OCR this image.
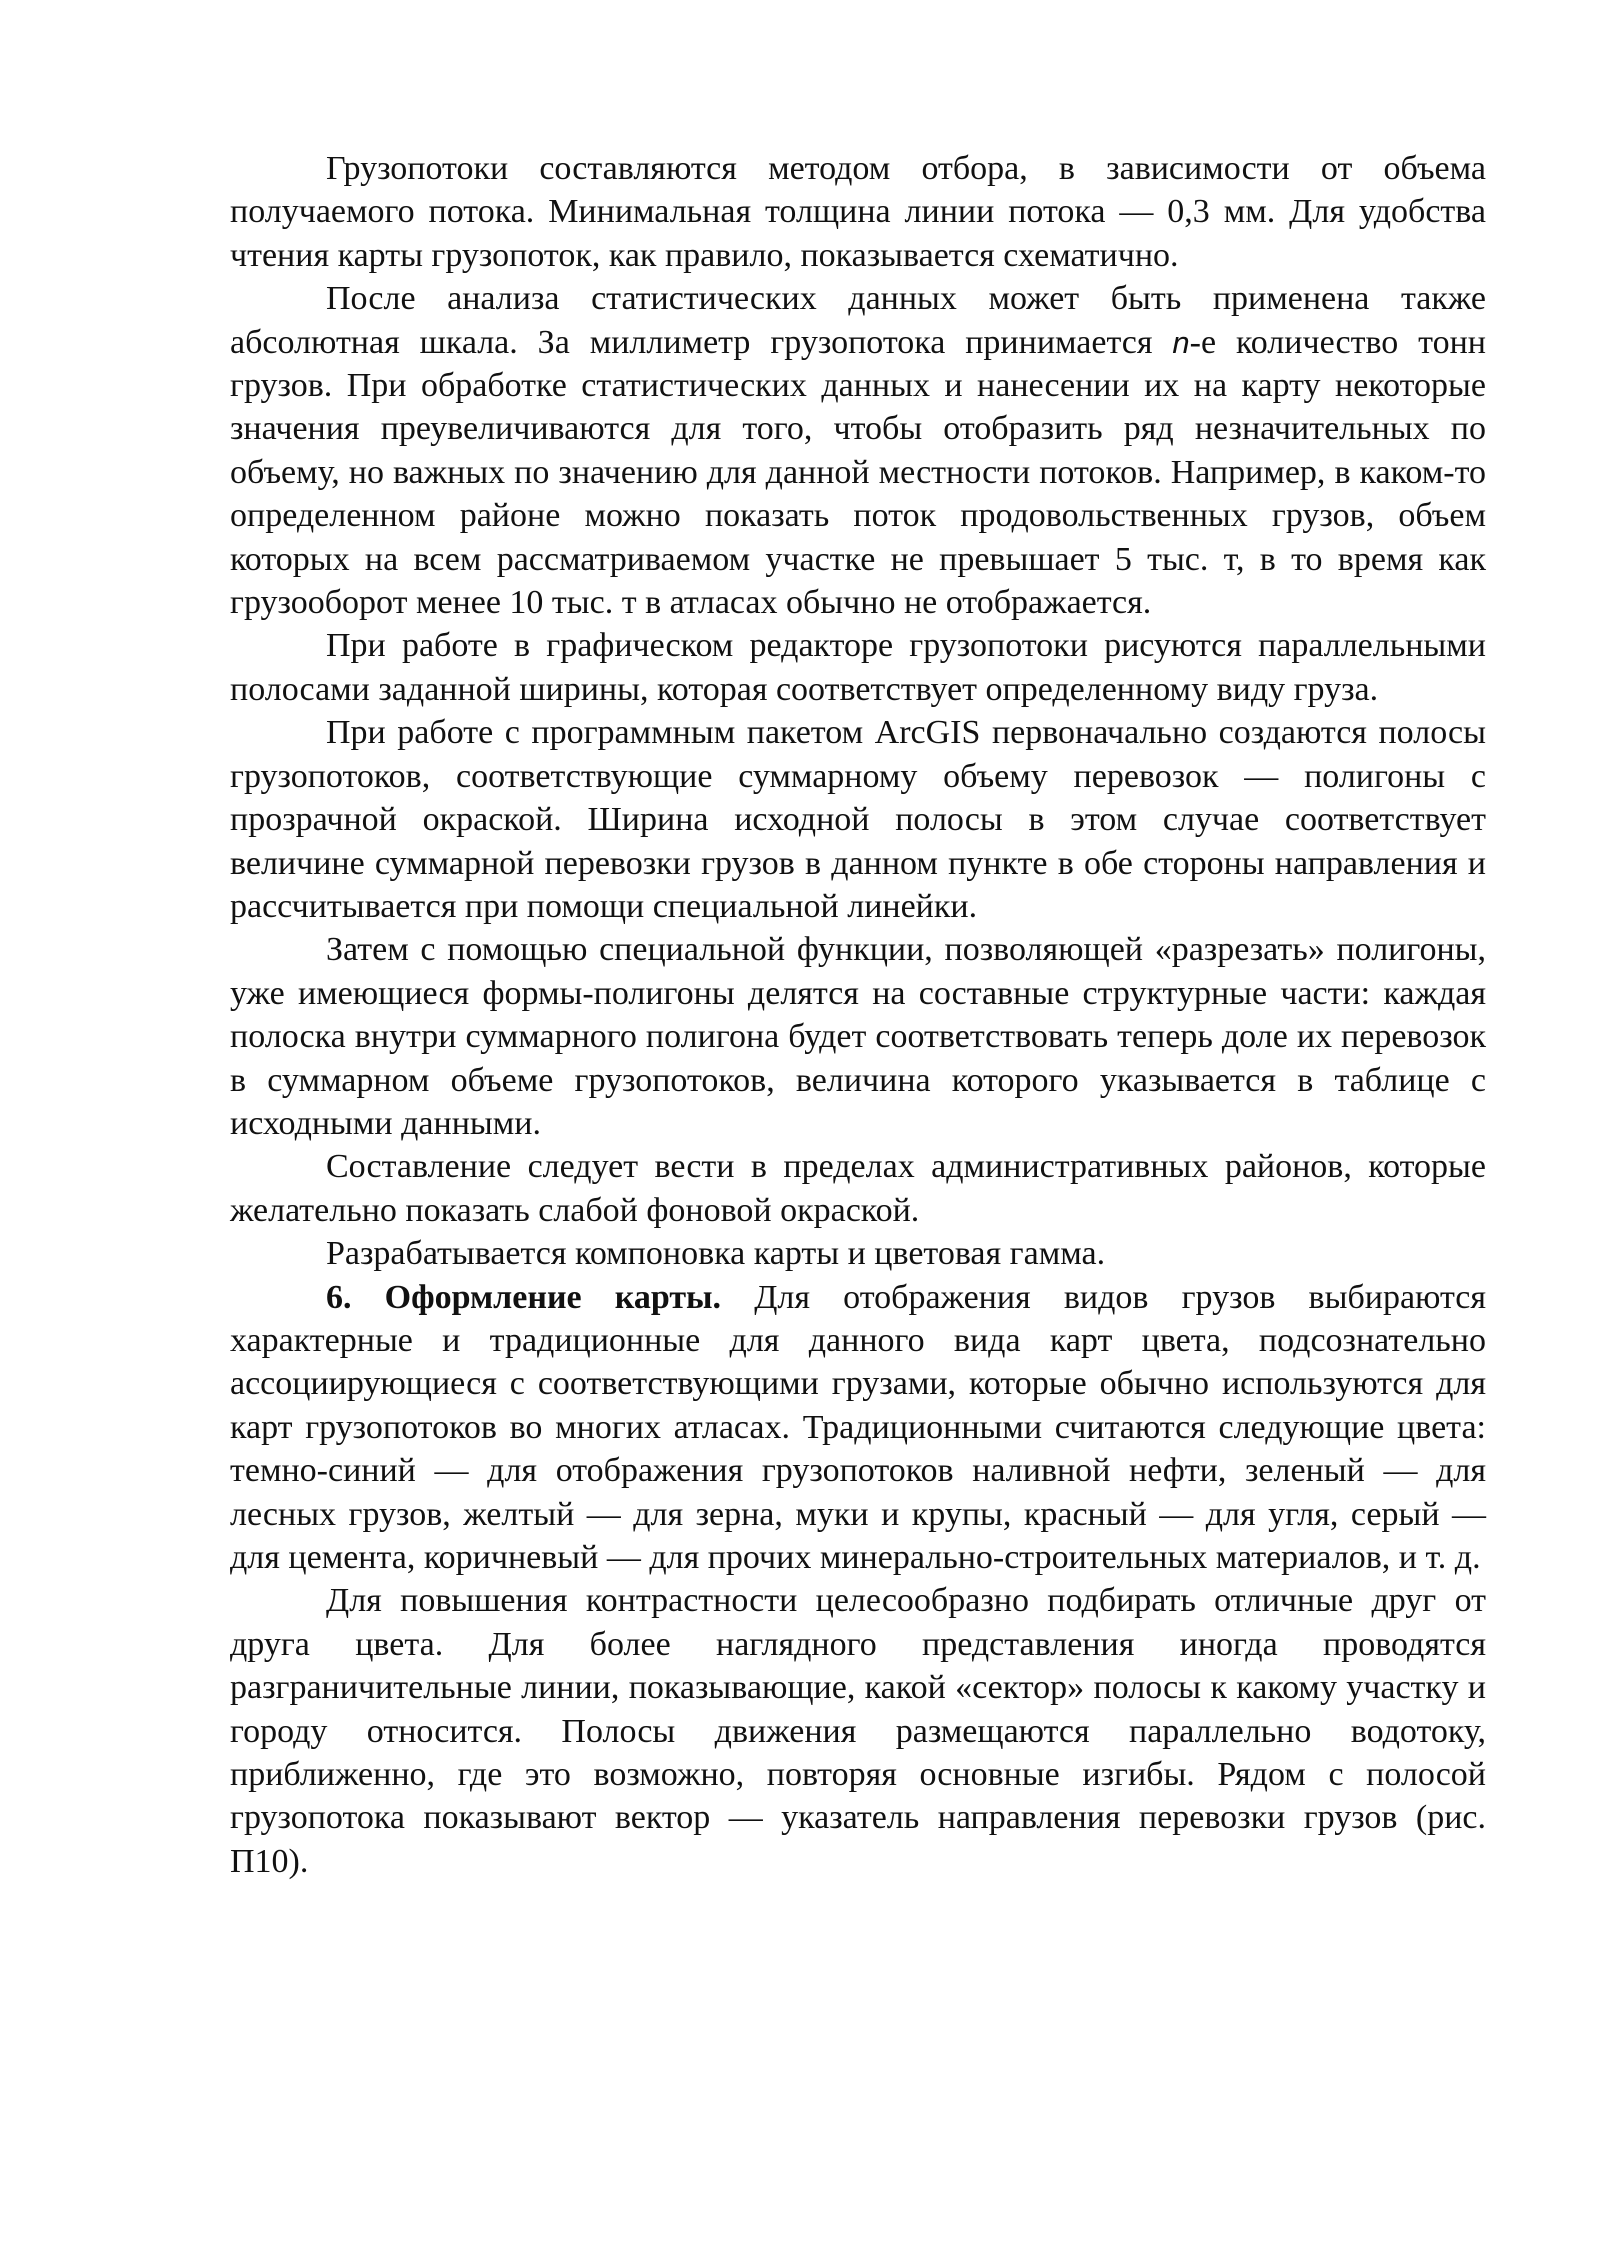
Грузопотоки составляются методом отбора, в зависимости от объема получаемого потока. Минимальная толщина линии потока — 0,3 мм. Для удобства чтения карты грузопоток, как правило, показывается схематично.

После анализа статистических данных может быть применена также абсолютная шкала. За миллиметр грузопотока принимается n-е количество тонн грузов. При обработке статистических данных и нанесении их на карту некоторые значения преувеличиваются для того, чтобы отобразить ряд незначительных по объему, но важных по значению для данной местности потоков. Например, в каком-то определенном районе можно показать поток продовольственных грузов, объем которых на всем рассматриваемом участке не превышает 5 тыс. т, в то время как грузооборот менее 10 тыс. т в атласах обычно не отображается.

При работе в графическом редакторе грузопотоки рисуются параллельными полосами заданной ширины, которая соответствует определенному виду груза.

При работе с программным пакетом ArcGIS первоначально создаются полосы грузопотоков, соответствующие суммарному объему перевозок — полигоны с прозрачной окраской. Ширина исходной полосы в этом случае соответствует величине суммарной перевозки грузов в данном пункте в обе стороны направления и рассчитывается при помощи специальной линейки.

Затем с помощью специальной функции, позволяющей «разрезать» полигоны, уже имеющиеся формы-полигоны делятся на составные структурные части: каждая полоска внутри суммарного полигона будет соответствовать теперь доле их перевозок в суммарном объеме грузопотоков, величина которого указывается в таблице с исходными данными.

Составление следует вести в пределах административных районов, которые желательно показать слабой фоновой окраской.

Разрабатывается компоновка карты и цветовая гамма.

6. Оформление карты. Для отображения видов грузов выбираются характерные и традиционные для данного вида карт цвета, подсознательно ассоциирующиеся с соответствующими грузами, которые обычно используются для карт грузопотоков во многих атласах. Традиционными считаются следующие цвета: темно-синий — для отображения грузопотоков наливной нефти, зеленый — для лесных грузов, желтый — для зерна, муки и крупы, красный — для угля, серый — для цемента, коричневый — для прочих минерально-строительных материалов, и т. д.

Для повышения контрастности целесообразно подбирать отличные друг от друга цвета. Для более наглядного представления иногда проводятся разграничительные линии, показывающие, какой «сектор» полосы к какому участку и городу относится. Полосы движения размещаются параллельно водотоку, приближенно, где это возможно, повторяя основные изгибы. Рядом с полосой грузопотока показывают вектор — указатель направления перевозки грузов (рис. П10).
